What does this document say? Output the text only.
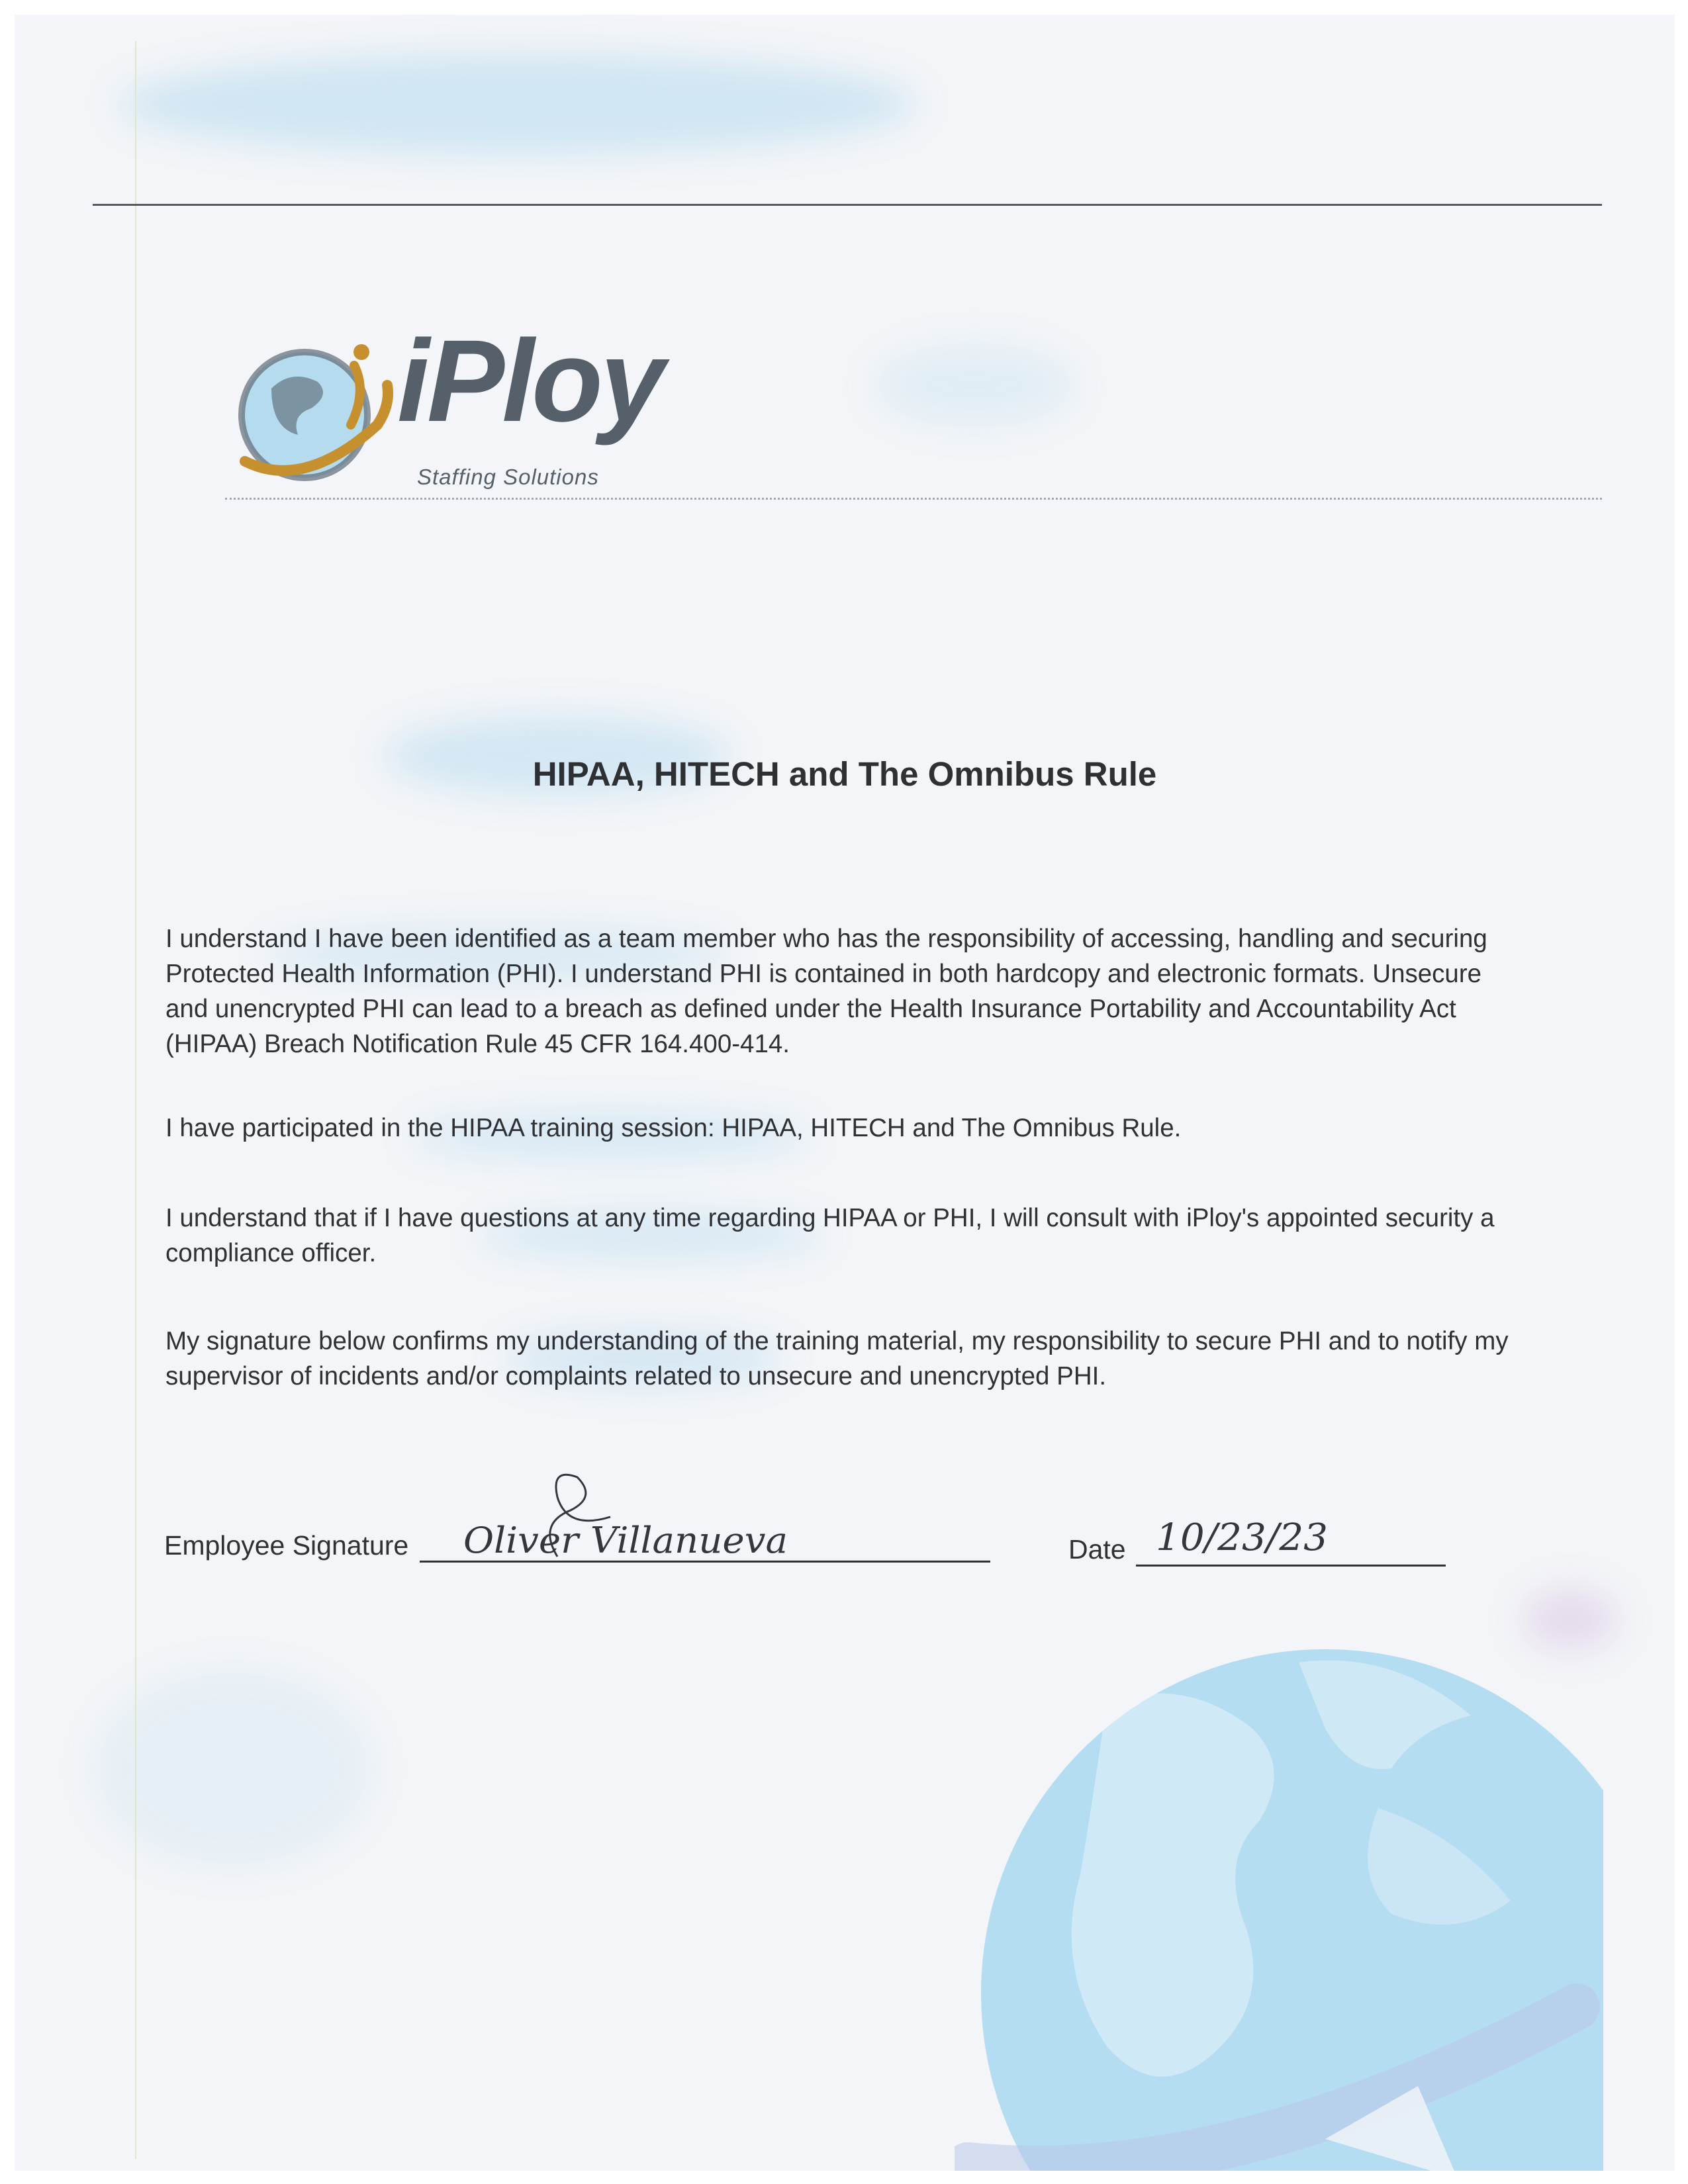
iPloy
Staffing Solutions
HIPAA, HITECH and The Omnibus Rule

I understand I have been identified as a team member who has the responsibility of accessing, handling and securing
Protected Health Information (PHI). I understand PHI is contained in both hardcopy and electronic formats. Unsecure
and unencrypted PHI can lead to a breach as defined under the Health Insurance Portability and Accountability Act
(HIPAA) Breach Notification Rule 45 CFR 164.400-414.

I have participated in the HIPAA training session: HIPAA, HITECH and The Omnibus Rule.

I understand that if I have questions at any time regarding HIPAA or PHI, I will consult with iPloy's appointed security a
compliance officer.

My signature below confirms my understanding of the training material, my responsibility to secure PHI and to notify my
supervisor of incidents and/or complaints related to unsecure and unencrypted PHI.

Employee Signature Oliver Villanueva	Date 10/23/23
